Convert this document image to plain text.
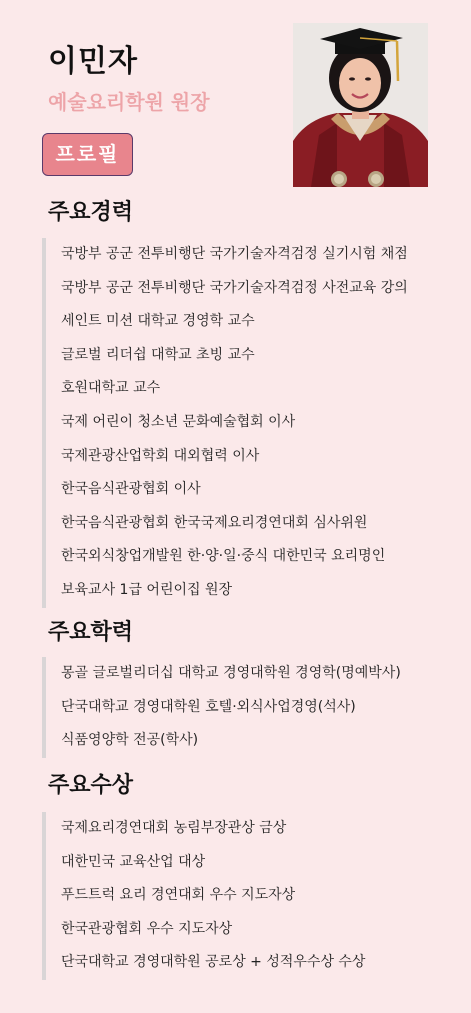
이민자
예술요리학원 원장
프로필
주요경력
국방부 공군 전투비행단 국가기술자격검정 실기시험 채점
국방부 공군 전투비행단 국가기술자격검정 사전교육 강의
세인트 미션 대학교 경영학 교수
글로벌 리더쉽 대학교 초빙 교수
호원대학교 교수
국제 어린이 청소년 문화예술협회 이사
국제관광산업학회 대외협력 이사
한국음식관광협회 이사
한국음식관광협회 한국국제요리경연대회 심사위원
한국외식창업개발원 한·양·일·중식 대한민국 요리명인
보육교사 1급 어린이집 원장
주요학력
몽골 글로벌리더십 대학교 경영대학원 경영학(명예박사)
단국대학교 경영대학원 호텔·외식사업경영(석사)
식품영양학 전공(학사)
주요수상
국제요리경연대회 농림부장관상 금상
대한민국 교육산업 대상
푸드트럭 요리 경연대회 우수 지도자상
한국관광협회 우수 지도자상
단국대학교 경영대학원 공로상 + 성적우수상 수상
